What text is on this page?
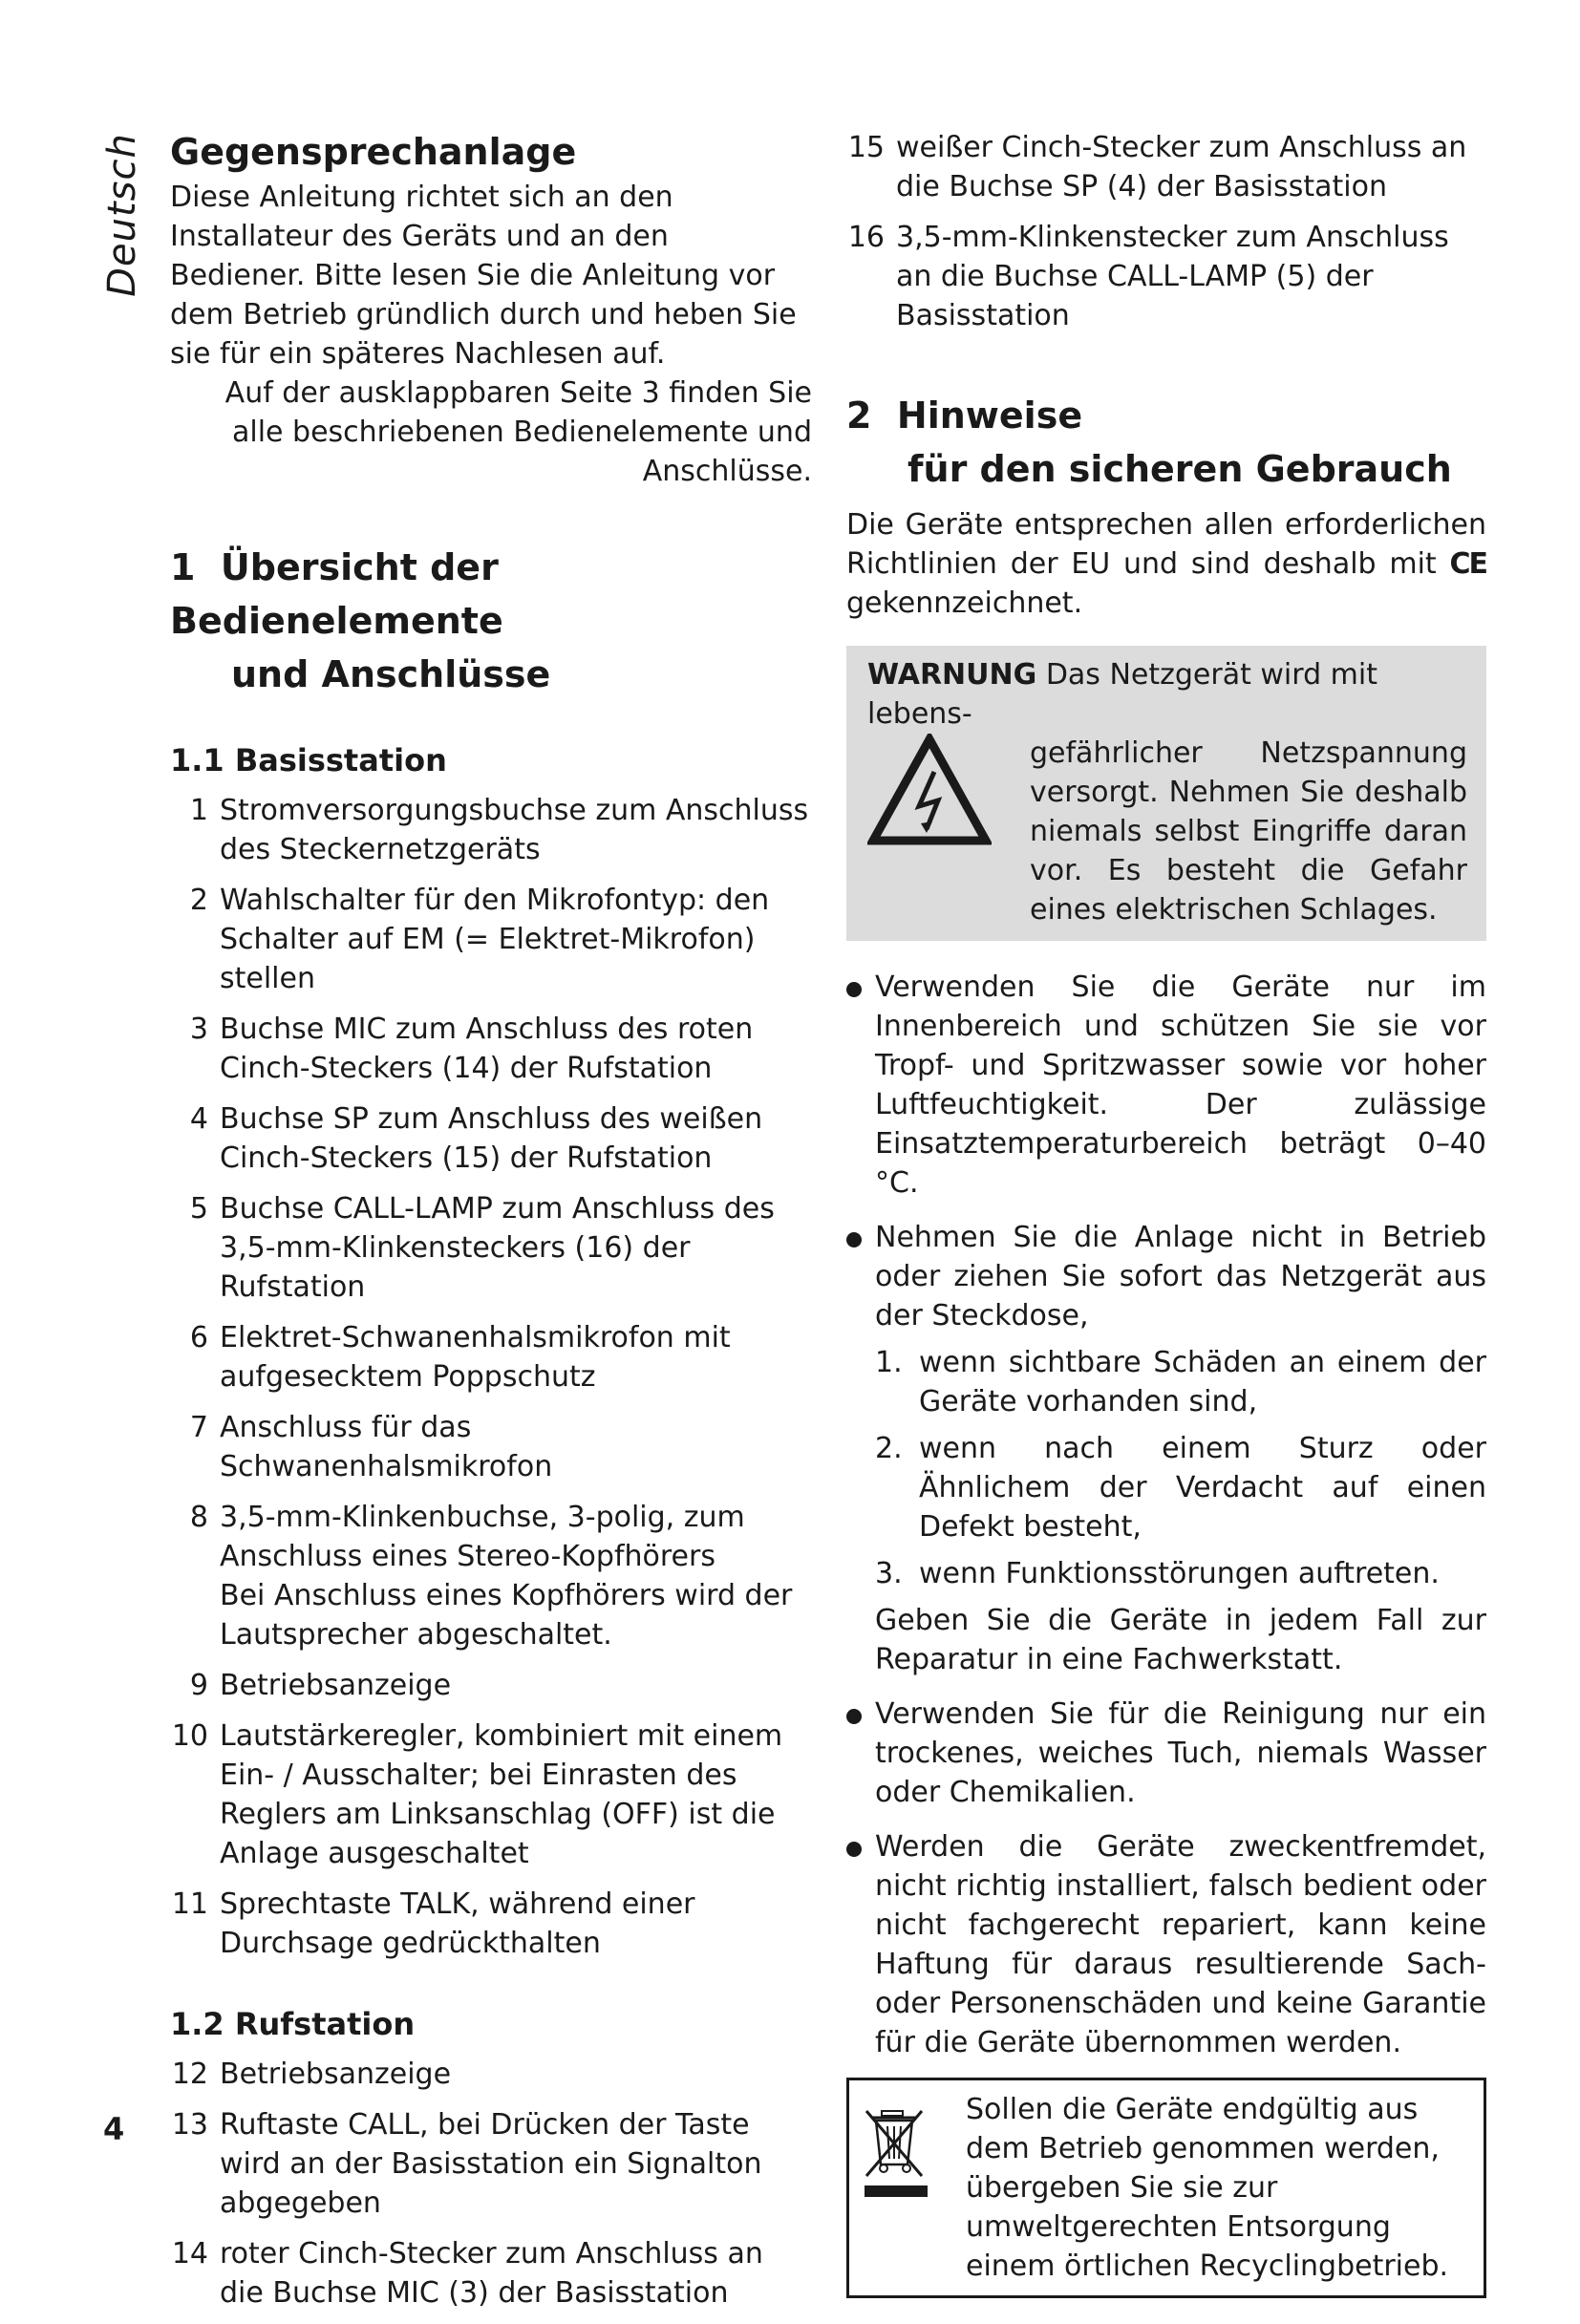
Deutsch Gegensprechanlage

Diese Anleitung richtet sich an den Installateur des Geräts und an den Bediener. Bitte lesen Sie die Anleitung vor dem Betrieb gründlich durch und heben Sie sie für ein späteres Nachlesen auf.

Auf der ausklappbaren Seite 3 finden Sie alle beschriebenen Bedienelemente und Anschlüsse.

1 Übersicht der Bedienelemente
und Anschlüsse
1.1 Basisstation
1 Stromversorgungsbuchse zum Anschluss des Steckernetzgeräts
2 Wahlschalter für den Mikrofontyp: den Schalter auf EM (= Elektret-Mikrofon) stellen
3 Buchse MIC zum Anschluss des roten Cinch-Steckers (14) der Rufstation
4 Buchse SP zum Anschluss des weißen Cinch-Steckers (15) der Rufstation
5 Buchse CALL-LAMP zum Anschluss des 3,5-mm-Klinkensteckers (16) der Rufstation
6 Elektret-Schwanenhalsmikrofon mit aufgesecktem Poppschutz
7 Anschluss für das Schwanenhalsmikrofon
8 3,5-mm-Klinkenbuchse, 3-polig, zum Anschluss eines Stereo-Kopfhörers
Bei Anschluss eines Kopfhörers wird der Lautsprecher abgeschaltet.
9 Betriebsanzeige
10 Lautstärkeregler, kombiniert mit einem Ein- / Ausschalter; bei Einrasten des Reglers am Linksanschlag (OFF) ist die Anlage ausgeschaltet
11 Sprechtaste TALK, während einer Durchsage gedrückthalten
1.2 Rufstation
12 Betriebsanzeige
13 Ruftaste CALL, bei Drücken der Taste wird an der Basisstation ein Signalton abgegeben
14 roter Cinch-Stecker zum Anschluss an die Buchse MIC (3) der Basisstation
15 weißer Cinch-Stecker zum Anschluss an die Buchse SP (4) der Basisstation
16 3,5-mm-Klinkenstecker zum Anschluss an die Buchse CALL-LAMP (5) der Basisstation
2 Hinweise
für den sicheren Gebrauch

Die Geräte entsprechen allen erforderlichen Richtlinien der EU und sind deshalb mit CE gekennzeichnet.

WARNUNG Das Netzgerät wird mit lebens-
gefährlicher Netzspannung versorgt. Nehmen Sie deshalb niemals selbst Eingriffe daran vor. Es besteht die Gefahr eines elektrischen Schlages.
Verwenden Sie die Geräte nur im Innenbereich und schützen Sie sie vor Tropf- und Spritzwasser sowie vor hoher Luftfeuchtigkeit. Der zulässige Einsatztemperaturbereich beträgt 0–40 °C.
Nehmen Sie die Anlage nicht in Betrieb oder ziehen Sie sofort das Netzgerät aus der Steckdose,
1. wenn sichtbare Schäden an einem der Geräte vorhanden sind,
2. wenn nach einem Sturz oder Ähnlichem der Verdacht auf einen Defekt besteht,
3. wenn Funktionsstörungen auftreten.
Geben Sie die Geräte in jedem Fall zur Reparatur in eine Fachwerkstatt.
Verwenden Sie für die Reinigung nur ein trockenes, weiches Tuch, niemals Wasser oder Chemikalien.
Werden die Geräte zweckentfremdet, nicht richtig installiert, falsch bedient oder nicht fachgerecht repariert, kann keine Haftung für daraus resultierende Sach- oder Personenschäden und keine Garantie für die Geräte übernommen werden.
Sollen die Geräte endgültig aus dem Betrieb genommen werden, übergeben Sie sie zur umweltgerechten Entsorgung einem örtlichen Recyclingbetrieb.
4
